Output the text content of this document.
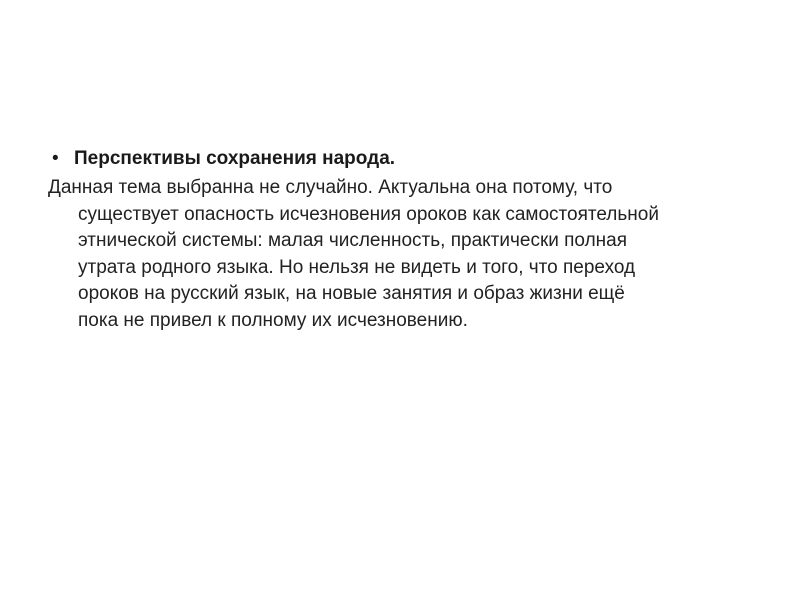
• Перспективы сохранения народа.
Данная тема выбранна не случайно. Актуальна она потому, что
существует опасность исчезновения ороков как самостоятельной
этнической системы: малая численность, практически полная
утрата родного языка. Но нельзя не видеть и того, что переход
ороков на русский язык, на новые занятия и образ жизни ещё
пока не привел к полному их исчезновению.
